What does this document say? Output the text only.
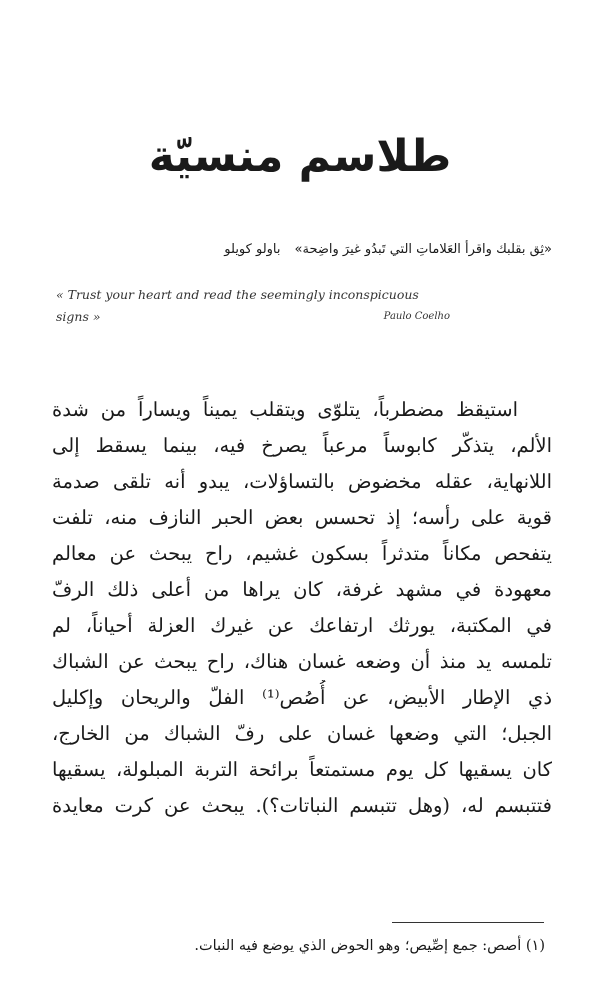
طلاسم منسيّة
«ثِق بقلبك واقرأ العَلاماتِ التي تَبدُو غيرَ واضِحة»باولو كويلو
« Trust your heart and read the seemingly inconspicuous
signs »	Paulo Coelho
استيقظ مضطرباً، يتلوّى ويتقلب يميناً ويساراً من شدة
الألم، يتذكّر كابوساً مرعباً يصرخ فيه، بينما يسقط إلى
اللانهاية، عقله مخضوض بالتساؤلات، يبدو أنه تلقى صدمة
قوية على رأسه؛ إذ تحسس بعض الحبر النازف منه، تلفت
يتفحص مكاناً متدثراً بسكون غشيم، راح يبحث عن معالم
معهودة في مشهد غرفة، كان يراها من أعلى ذلك الرفّ
في المكتبة، يورثك ارتفاعك عن غيرك العزلة أحياناً، لم
تلمسه يد منذ أن وضعه غسان هناك، راح يبحث عن الشباك
ذي الإطار الأبيض، عن أُصُص⁽¹⁾ الفلّ والريحان وإكليل
الجبل؛ التي وضعها غسان على رفّ الشباك من الخارج،
كان يسقيها كل يوم مستمتعاً برائحة التربة المبلولة، يسقيها
فتتبسم له، (وهل تتبسم النباتات؟). يبحث عن كرت معايدة
(١) أصص: جمع إصِّيص؛ وهو الحوض الذي يوضع فيه النبات.
